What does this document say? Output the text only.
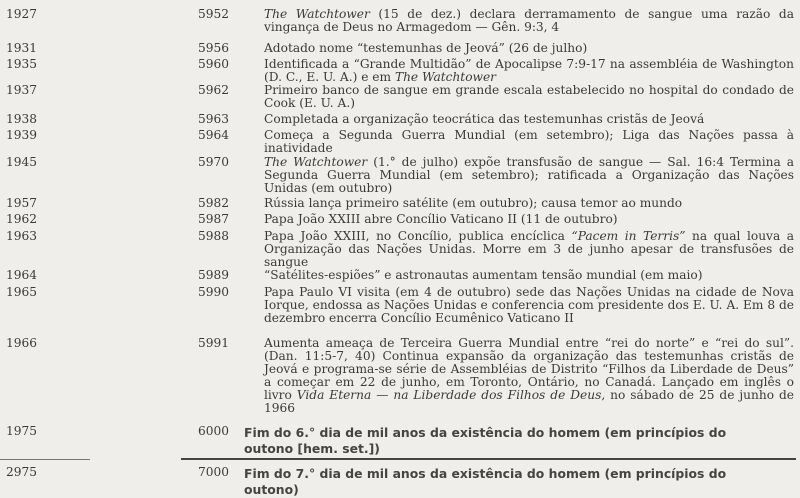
1927	5952	The Watchtower (15 de dez.) declara derramamento de sangue uma razão da vingança de Deus no Armagedom — Gên. 9:3, 4
1931	5956	Adotado nome “testemunhas de Jeová” (26 de julho)
1935	5960	Identificada a “Grande Multidão” de Apocalipse 7:9-17 na assembléia de Washington (D. C., E. U. A.) e em The Watchtower
1937	5962	Primeiro banco de sangue em grande escala estabelecido no hospital do condado de Cook (E. U. A.)
1938	5963	Completada a organização teocrática das testemunhas cristãs de Jeová
1939	5964	Começa a Segunda Guerra Mundial (em setembro); Liga das Nações passa à inatividade
1945	5970	The Watchtower (1.° de julho) expõe transfusão de sangue — Sal. 16:4 Termina a Segunda Guerra Mundial (em setembro); ratificada a Organização das Nações Unidas (em outubro)
1957	5982	Rússia lança primeiro satélite (em outubro); causa temor ao mundo
1962	5987	Papa João XXIII abre Concílio Vaticano II (11 de outubro)
1963	5988	Papa João XXIII, no Concílio, publica encíclica “Pacem in Terris” na qual louva a Organização das Nações Unidas. Morre em 3 de junho apesar de transfusões de sangue
1964	5989	“Satélites-espiões” e astronautas aumentam tensão mundial (em maio)
1965	5990	Papa Paulo VI visita (em 4 de outubro) sede das Nações Unidas na cidade de Nova Iorque, endossa as Nações Unidas e conferencia com presidente dos E. U. A. Em 8 de dezembro encerra Concílio Ecumênico Vaticano II
1966	5991	Aumenta ameaça de Terceira Guerra Mundial entre “rei do norte” e “rei do sul”. (Dan. 11:5-7, 40) Continua expansão da organização das testemunhas cristãs de Jeová e programa-se série de Assembléias de Distrito “Filhos da Liberdade de Deus” a começar em 22 de junho, em Toronto, Ontário, no Canadá. Lançado em inglês o livro Vida Eterna — na Liberdade dos Filhos de Deus, no sábado de 25 de junho de 1966
1975	6000	Fim do 6.° dia de mil anos da existência do homem (em princípios do outono [hem. set.])
2975	7000	Fim do 7.° dia de mil anos da existência do homem (em princípios do outono)
